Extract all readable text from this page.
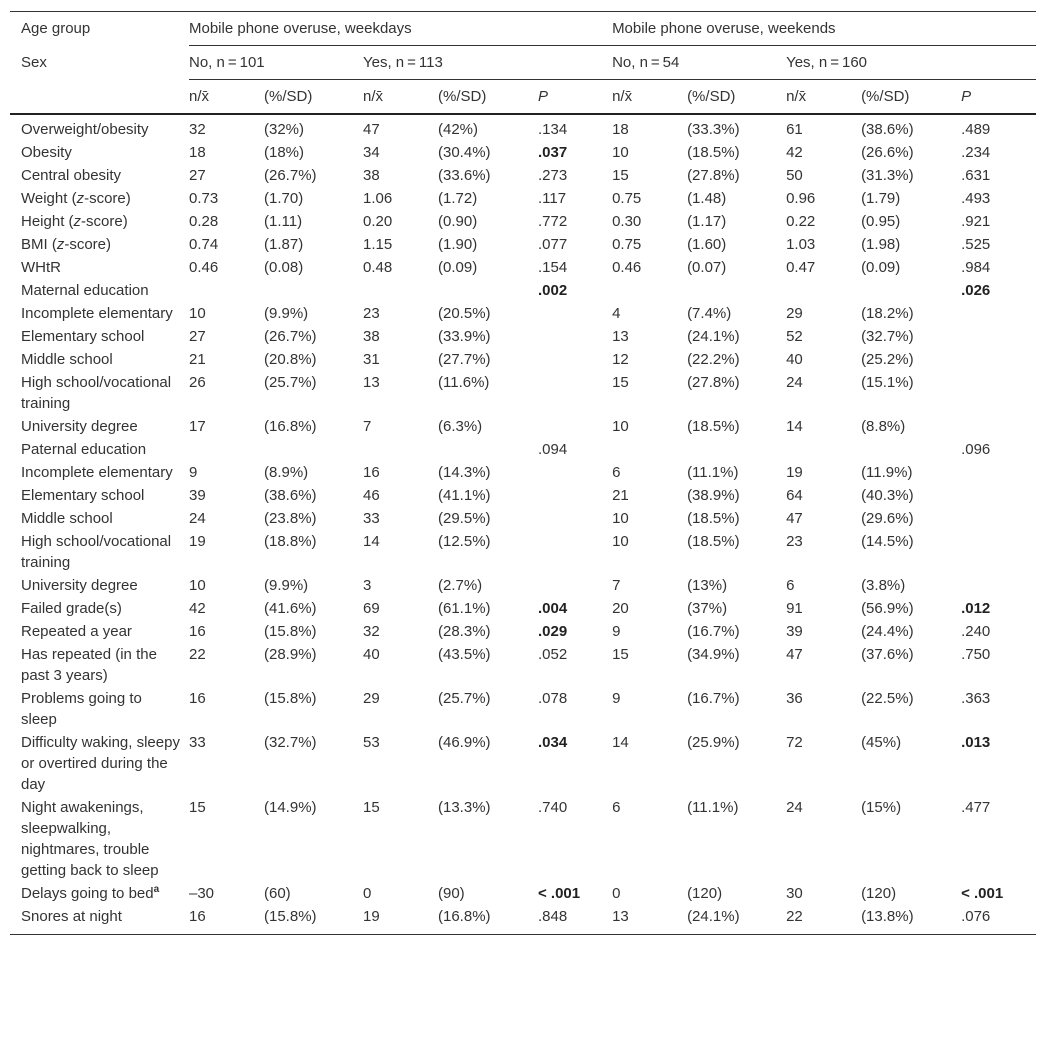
Age group	Mobile phone overuse, weekdays					Mobile phone overuse, weekends				
Sex	No, n = 101		Yes, n = 113			No, n = 54		Yes, n = 160		
	n/x̄	(%/SD)	n/x̄	(%/SD)	P	n/x̄	(%/SD)	n/x̄	(%/SD)	P
Overweight/obesity	32	(32%)	47	(42%)	.134	18	(33.3%)	61	(38.6%)	.489
Obesity	18	(18%)	34	(30.4%)	.037	10	(18.5%)	42	(26.6%)	.234
Central obesity	27	(26.7%)	38	(33.6%)	.273	15	(27.8%)	50	(31.3%)	.631
Weight (z-score)	0.73	(1.70)	1.06	(1.72)	.117	0.75	(1.48)	0.96	(1.79)	.493
Height (z-score)	0.28	(1.11)	0.20	(0.90)	.772	0.30	(1.17)	0.22	(0.95)	.921
BMI (z-score)	0.74	(1.87)	1.15	(1.90)	.077	0.75	(1.60)	1.03	(1.98)	.525
WHtR	0.46	(0.08)	0.48	(0.09)	.154	0.46	(0.07)	0.47	(0.09)	.984
Maternal education					.002					.026
Incomplete elementary	10	(9.9%)	23	(20.5%)		4	(7.4%)	29	(18.2%)	
Elementary school	27	(26.7%)	38	(33.9%)		13	(24.1%)	52	(32.7%)	
Middle school	21	(20.8%)	31	(27.7%)		12	(22.2%)	40	(25.2%)	
High school/vocational training	26	(25.7%)	13	(11.6%)		15	(27.8%)	24	(15.1%)	
University degree	17	(16.8%)	7	(6.3%)		10	(18.5%)	14	(8.8%)	
Paternal education					.094					.096
Incomplete elementary	9	(8.9%)	16	(14.3%)		6	(11.1%)	19	(11.9%)	
Elementary school	39	(38.6%)	46	(41.1%)		21	(38.9%)	64	(40.3%)	
Middle school	24	(23.8%)	33	(29.5%)		10	(18.5%)	47	(29.6%)	
High school/vocational training	19	(18.8%)	14	(12.5%)		10	(18.5%)	23	(14.5%)	
University degree	10	(9.9%)	3	(2.7%)		7	(13%)	6	(3.8%)	
Failed grade(s)	42	(41.6%)	69	(61.1%)	.004	20	(37%)	91	(56.9%)	.012
Repeated a year	16	(15.8%)	32	(28.3%)	.029	9	(16.7%)	39	(24.4%)	.240
Has repeated (in the past 3 years)	22	(28.9%)	40	(43.5%)	.052	15	(34.9%)	47	(37.6%)	.750
Problems going to sleep	16	(15.8%)	29	(25.7%)	.078	9	(16.7%)	36	(22.5%)	.363
Difficulty waking, sleepy or overtired during the day	33	(32.7%)	53	(46.9%)	.034	14	(25.9%)	72	(45%)	.013
Night awakenings, sleepwalking, nightmares, trouble getting back to sleep	15	(14.9%)	15	(13.3%)	.740	6	(11.1%)	24	(15%)	.477
Delays going to bed$^a$	–30	(60)	0	(90)	< .001	0	(120)	30	(120)	< .001
Snores at night	16	(15.8%)	19	(16.8%)	.848	13	(24.1%)	22	(13.8%)	.076
